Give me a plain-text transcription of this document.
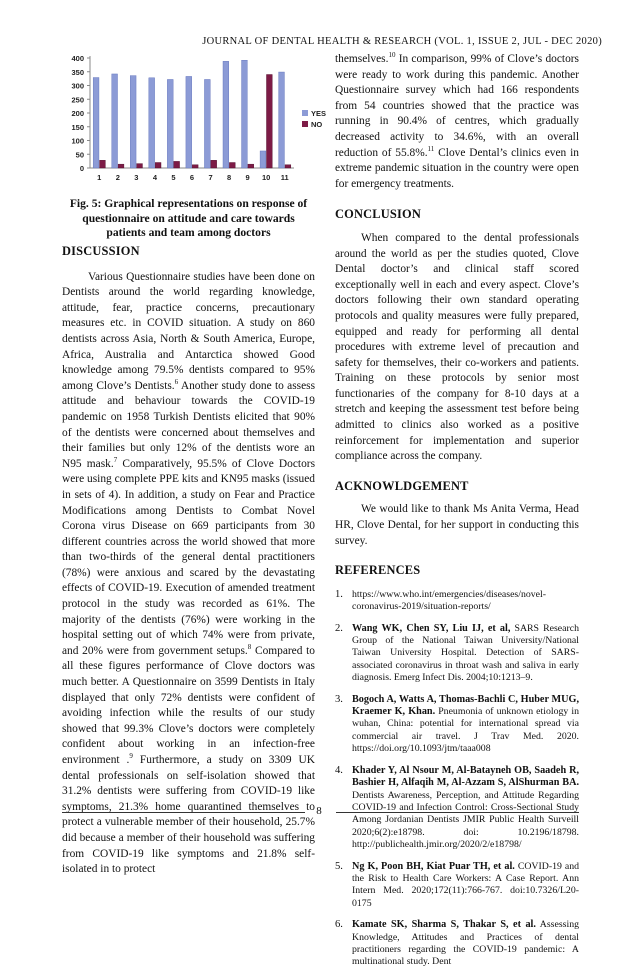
JOURNAL OF DENTAL HEALTH & RESEARCH (VOL. 1, ISSUE 2, JUL - DEC 2020)
0
50
100
150
200
250
300
350
400
1 2 3 4 5 6 7 8 9 10 11
YES
NO

Fig. 5: Graphical representations on response of questionnaire on attitude and care towards patients and team among doctors

DISCUSSION

Various Questionnaire studies have been done on Dentists around the world regarding knowledge, attitude, fear, practice concerns, precautionary measures etc. in COVID situation. A study on 860 dentists across Asia, North & South America, Europe, Africa, Australia and Antarctica showed Good knowledge among 79.5% dentists compared to 95% among Clove’s Dentists.$^6$ Another study done to assess attitude and behaviour towards the COVID-19 pandemic on 1958 Turkish Dentists elicited that 90% of the dentists were concerned about themselves and their families but only 12% of the dentists wore an N95 mask.$^7$ Comparatively, 95.5% of Clove Doctors were using complete PPE kits and KN95 masks (issued in sets of 4). In addition, a study on Fear and Practice Modifications among Dentists to Combat Novel Corona virus Disease on 669 participants from 30 different countries across the world showed that more than two-thirds of the general dental practitioners (78%) were anxious and scared by the devastating effects of COVID-19. Execution of amended treatment protocol in the study was recorded as 61%. The majority of the dentists (76%) were working in the hospital setting out of which 74% were from private, and 20% were from government setups.$^8$ Compared to all these figures performance of Clove doctors was much better. A Questionnaire on 3599 Dentists in Italy displayed that only 72% dentists were confident of avoiding infection while the results of our study showed that 99.3% Clove’s doctors were completely confident about working in an infection-free environment .$^9$ Furthermore, a study on 3309 UK dental professionals on self-isolation showed that 31.2% dentists were suffering from COVID-19 like symptoms, 21.3% home quarantined themselves to protect a vulnerable member of their household, 25.7% did because a member of their household was suffering from COVID-19 like symptoms and 21.8% self- isolated in to protect

themselves.$^{10}$ In comparison, 99% of Clove’s doctors were ready to work during this pandemic. Another Questionnaire survey which had 166 respondents from 54 countries showed that the practice was running in 90.4% of centres, which gradually decreased activity to 34.6%, with an overall reduction of 55.8%.$^{11}$ Clove Dental’s clinics even in extreme pandemic situation in the country were open for emergency treatments.

CONCLUSION

When compared to the dental professionals around the world as per the studies quoted, Clove Dental doctor’s and clinical staff scored exceptionally well in each and every aspect. Clove’s doctors following their own standard operating protocols and quality measures were fully prepared, equipped and ready for performing all dental procedures with extreme level of precaution and safety for themselves, their co-workers and patients. Training on these protocols by senior most functionaries of the company for 8-10 days at a stretch and keeping the assessment test before being admitted to clinics also worked as a positive reinforcement for implementation and superior compliance across the company.

ACKNOWLDGEMENT

We would like to thank Ms Anita Verma, Head HR, Clove Dental, for her support in conducting this survey.

REFERENCES
1. https://www.who.int/emergencies/diseases/novel-coronavirus-2019/situation-reports/
2. Wang WK, Chen SY, Liu IJ, et al, SARS Research Group of the National Taiwan University/National Taiwan University Hospital. Detection of SARS-associated coronavirus in throat wash and saliva in early diagnosis. Emerg Infect Dis. 2004;10:1213–9.
3. Bogoch A, Watts A, Thomas-Bachli C, Huber MUG, Kraemer K, Khan. Pneumonia of unknown etiology in wuhan, China: potential for international spread via commercial air travel. J Trav Med. 2020. https://doi.org/10.1093/jtm/taaa008
4. Khader Y, Al Nsour M, Al-Batayneh OB, Saadeh R, Bashier H, Alfaqih M, Al-Azzam S, AlShurman BA. Dentists Awareness, Perception, and Attitude Regarding COVID-19 and Infection Control: Cross-Sectional Study Among Jordanian Dentists JMIR Public Health Surveill 2020;6(2):e18798. doi: 10.2196/18798. http://publichealth.jmir.org/2020/2/e18798/
5. Ng K, Poon BH, Kiat Puar TH, et al. COVID-19 and the Risk to Health Care Workers: A Case Report. Ann Intern Med. 2020;172(11):766-767. doi:10.7326/L20-0175
6. Kamate SK, Sharma S, Thakar S, et al. Assessing Knowledge, Attitudes and Practices of dental practitioners regarding the COVID-19 pandemic: A multinational study. Dent
8
